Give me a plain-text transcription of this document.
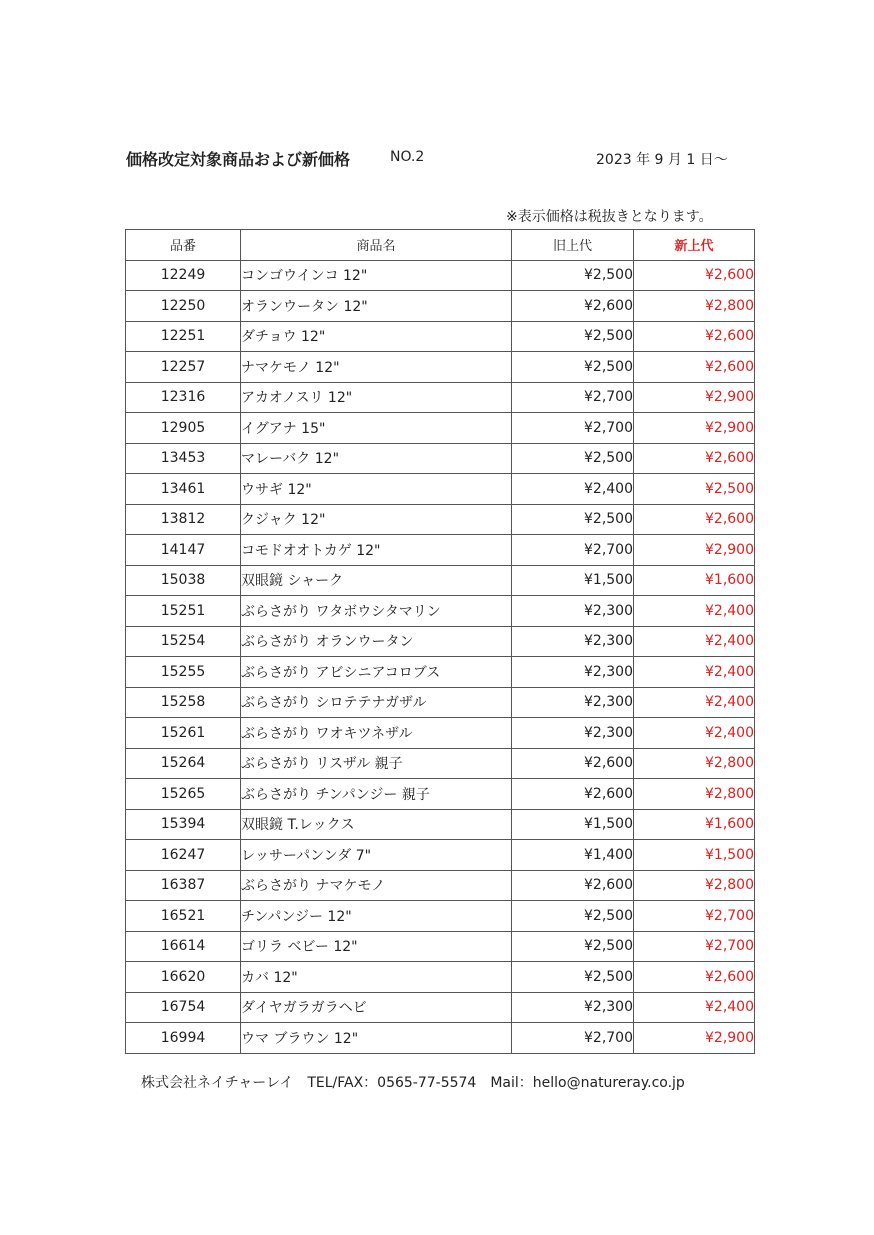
価格改定対象商品および新価格	NO.2	2023 年 9 月 1 日～
※表示価格は税抜きとなります。
品番	商品名	旧上代	新上代
12249	コンゴウインコ 12"	¥2,500	¥2,600
12250	オランウータン 12"	¥2,600	¥2,800
12251	ダチョウ 12"	¥2,500	¥2,600
12257	ナマケモノ 12"	¥2,500	¥2,600
12316	アカオノスリ 12"	¥2,700	¥2,900
12905	イグアナ 15"	¥2,700	¥2,900
13453	マレーバク 12"	¥2,500	¥2,600
13461	ウサギ 12"	¥2,400	¥2,500
13812	クジャク 12"	¥2,500	¥2,600
14147	コモドオオトカゲ 12"	¥2,700	¥2,900
15038	双眼鏡 シャーク	¥1,500	¥1,600
15251	ぶらさがり ワタボウシタマリン	¥2,300	¥2,400
15254	ぶらさがり オランウータン	¥2,300	¥2,400
15255	ぶらさがり アビシニアコロブス	¥2,300	¥2,400
15258	ぶらさがり シロテテナガザル	¥2,300	¥2,400
15261	ぶらさがり ワオキツネザル	¥2,300	¥2,400
15264	ぶらさがり リスザル 親子	¥2,600	¥2,800
15265	ぶらさがり チンパンジー 親子	¥2,600	¥2,800
15394	双眼鏡 T.レックス	¥1,500	¥1,600
16247	レッサーパンンダ 7"	¥1,400	¥1,500
16387	ぶらさがり ナマケモノ	¥2,600	¥2,800
16521	チンパンジー 12"	¥2,500	¥2,700
16614	ゴリラ ベビー 12"	¥2,500	¥2,700
16620	カバ 12"	¥2,500	¥2,600
16754	ダイヤガラガラヘビ	¥2,300	¥2,400
16994	ウマ ブラウン 12"	¥2,700	¥2,900
株式会社ネイチャーレイ　TEL/FAX：0565-77-5574　Mail：hello@natureray.co.jp
